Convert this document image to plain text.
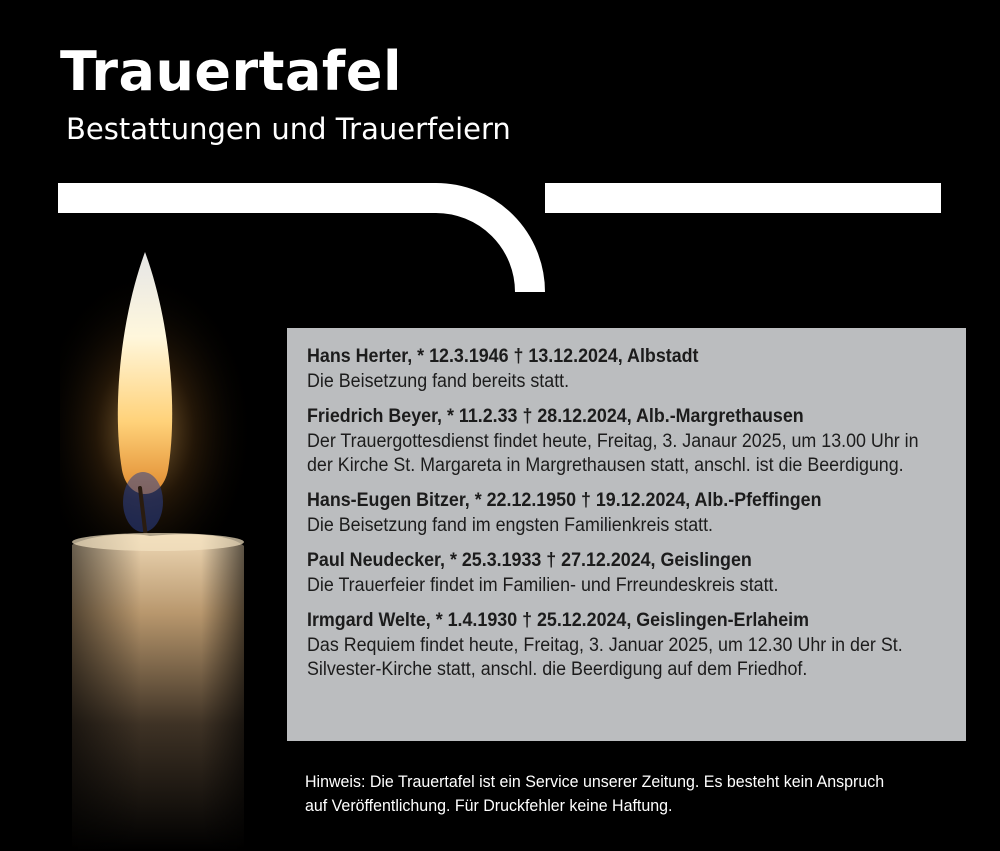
Trauertafel
Bestattungen und Trauerfeiern
Hans Herter, * 12.3.1946 † 13.12.2024, Albstadt
Die Beisetzung fand bereits statt.
Friedrich Beyer, * 11.2.33 † 28.12.2024, Alb.-Margrethausen
Der Trauergottesdienst findet heute, Freitag, 3. Janaur 2025, um 13.00 Uhr in der Kirche St. Margareta in Margrethausen statt, anschl. ist die Beerdigung.
Hans-Eugen Bitzer, * 22.12.1950 † 19.12.2024, Alb.-Pfeffingen
Die Beisetzung fand im engsten Familienkreis statt.
Paul Neudecker, * 25.3.1933 † 27.12.2024, Geislingen
Die Trauerfeier findet im Familien- und Frreundeskreis statt.
Irmgard Welte, * 1.4.1930 † 25.12.2024, Geislingen-Erlaheim
Das Requiem findet heute, Freitag, 3. Januar 2025, um 12.30 Uhr in der St. Silvester-Kirche statt, anschl. die Beerdigung auf dem Friedhof.
Hinweis: Die Trauertafel ist ein Service unserer Zeitung. Es besteht kein Anspruch auf Veröffentlichung. Für Druckfehler keine Haftung.
